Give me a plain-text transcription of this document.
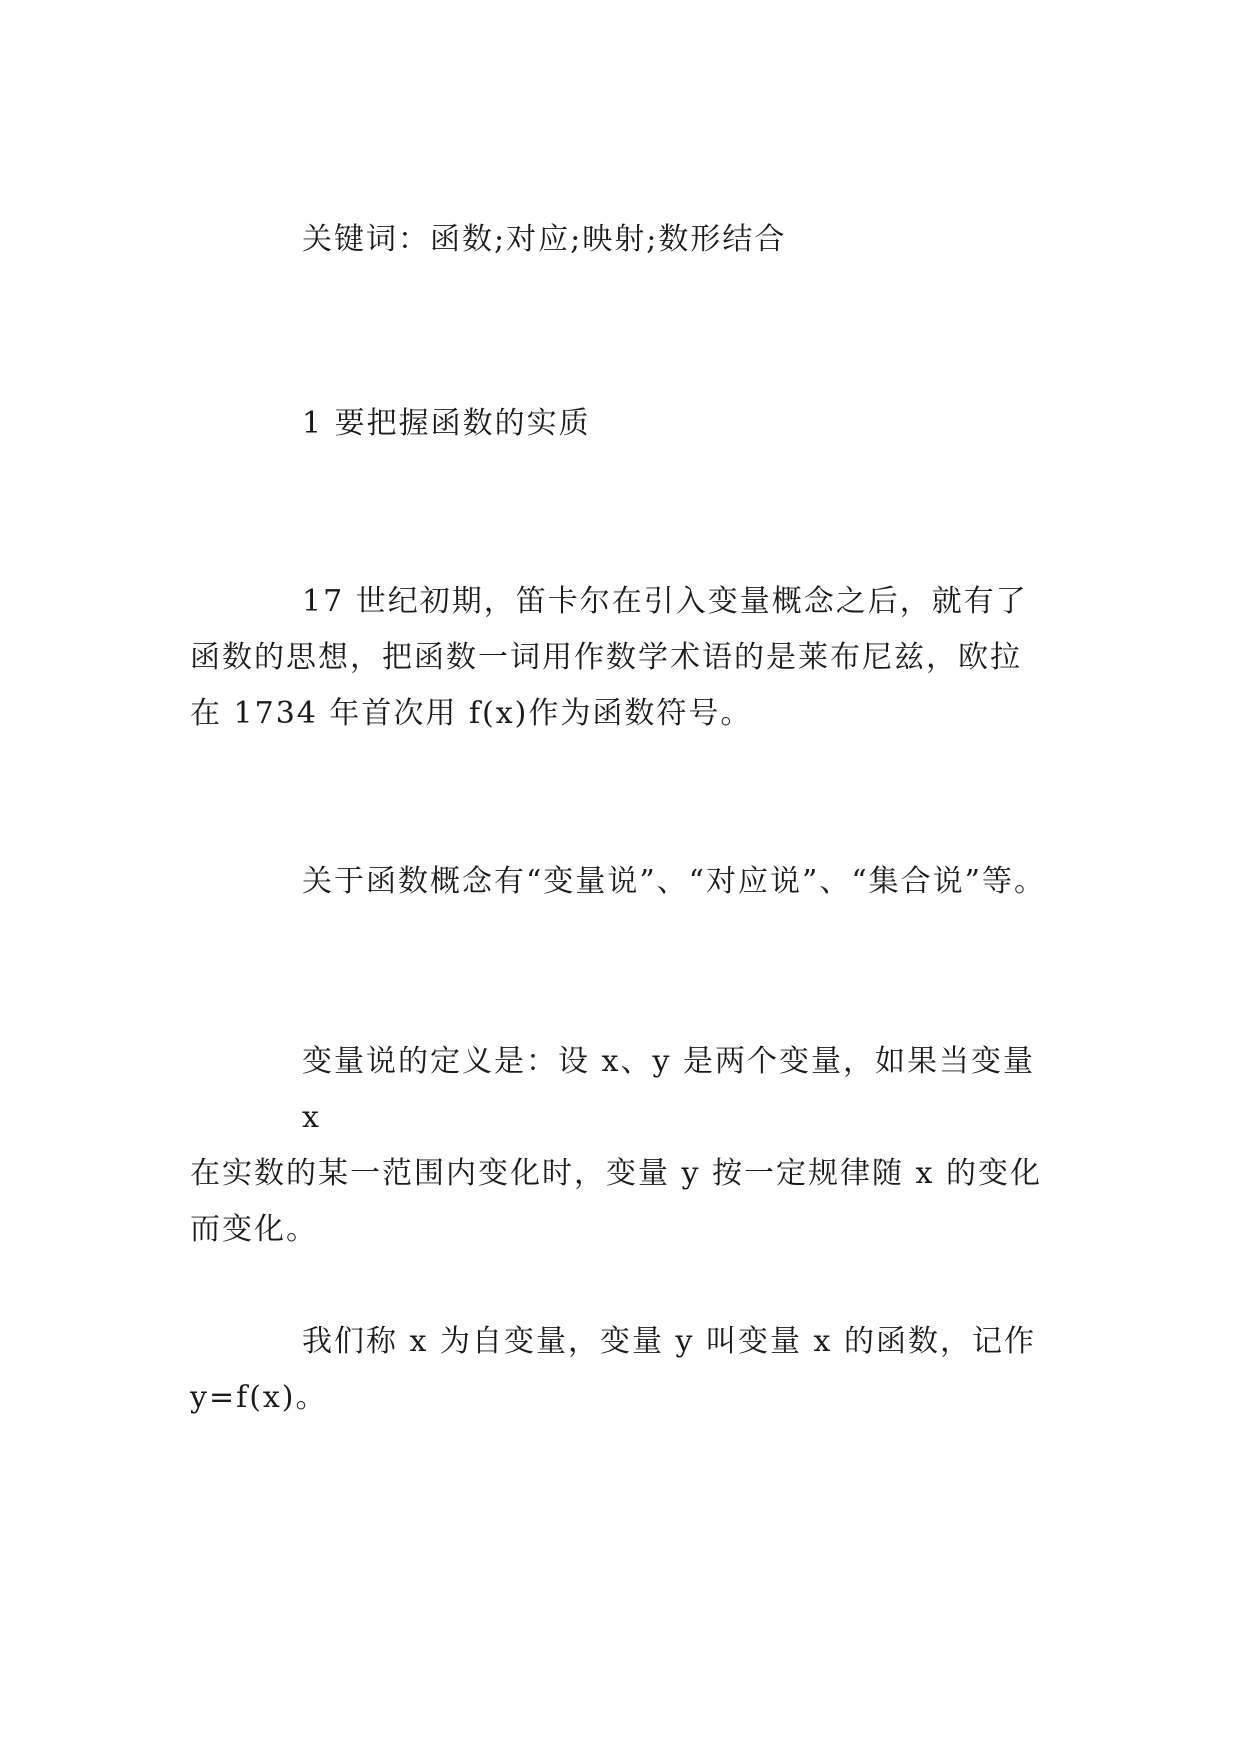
关键词：函数;对应;映射;数形结合

1 要把握函数的实质

17 世纪初期，笛卡尔在引入变量概念之后，就有了
函数的思想，把函数一词用作数学术语的是莱布尼兹，欧拉
在 1734 年首次用 f(x)作为函数符号。

关于函数概念有“变量说”、“对应说”、“集合说”等。

变量说的定义是：设 x、y 是两个变量，如果当变量 x
在实数的某一范围内变化时，变量 y 按一定规律随 x 的变化
而变化。

我们称 x 为自变量，变量 y 叫变量 x 的函数，记作
y=f(x)。
